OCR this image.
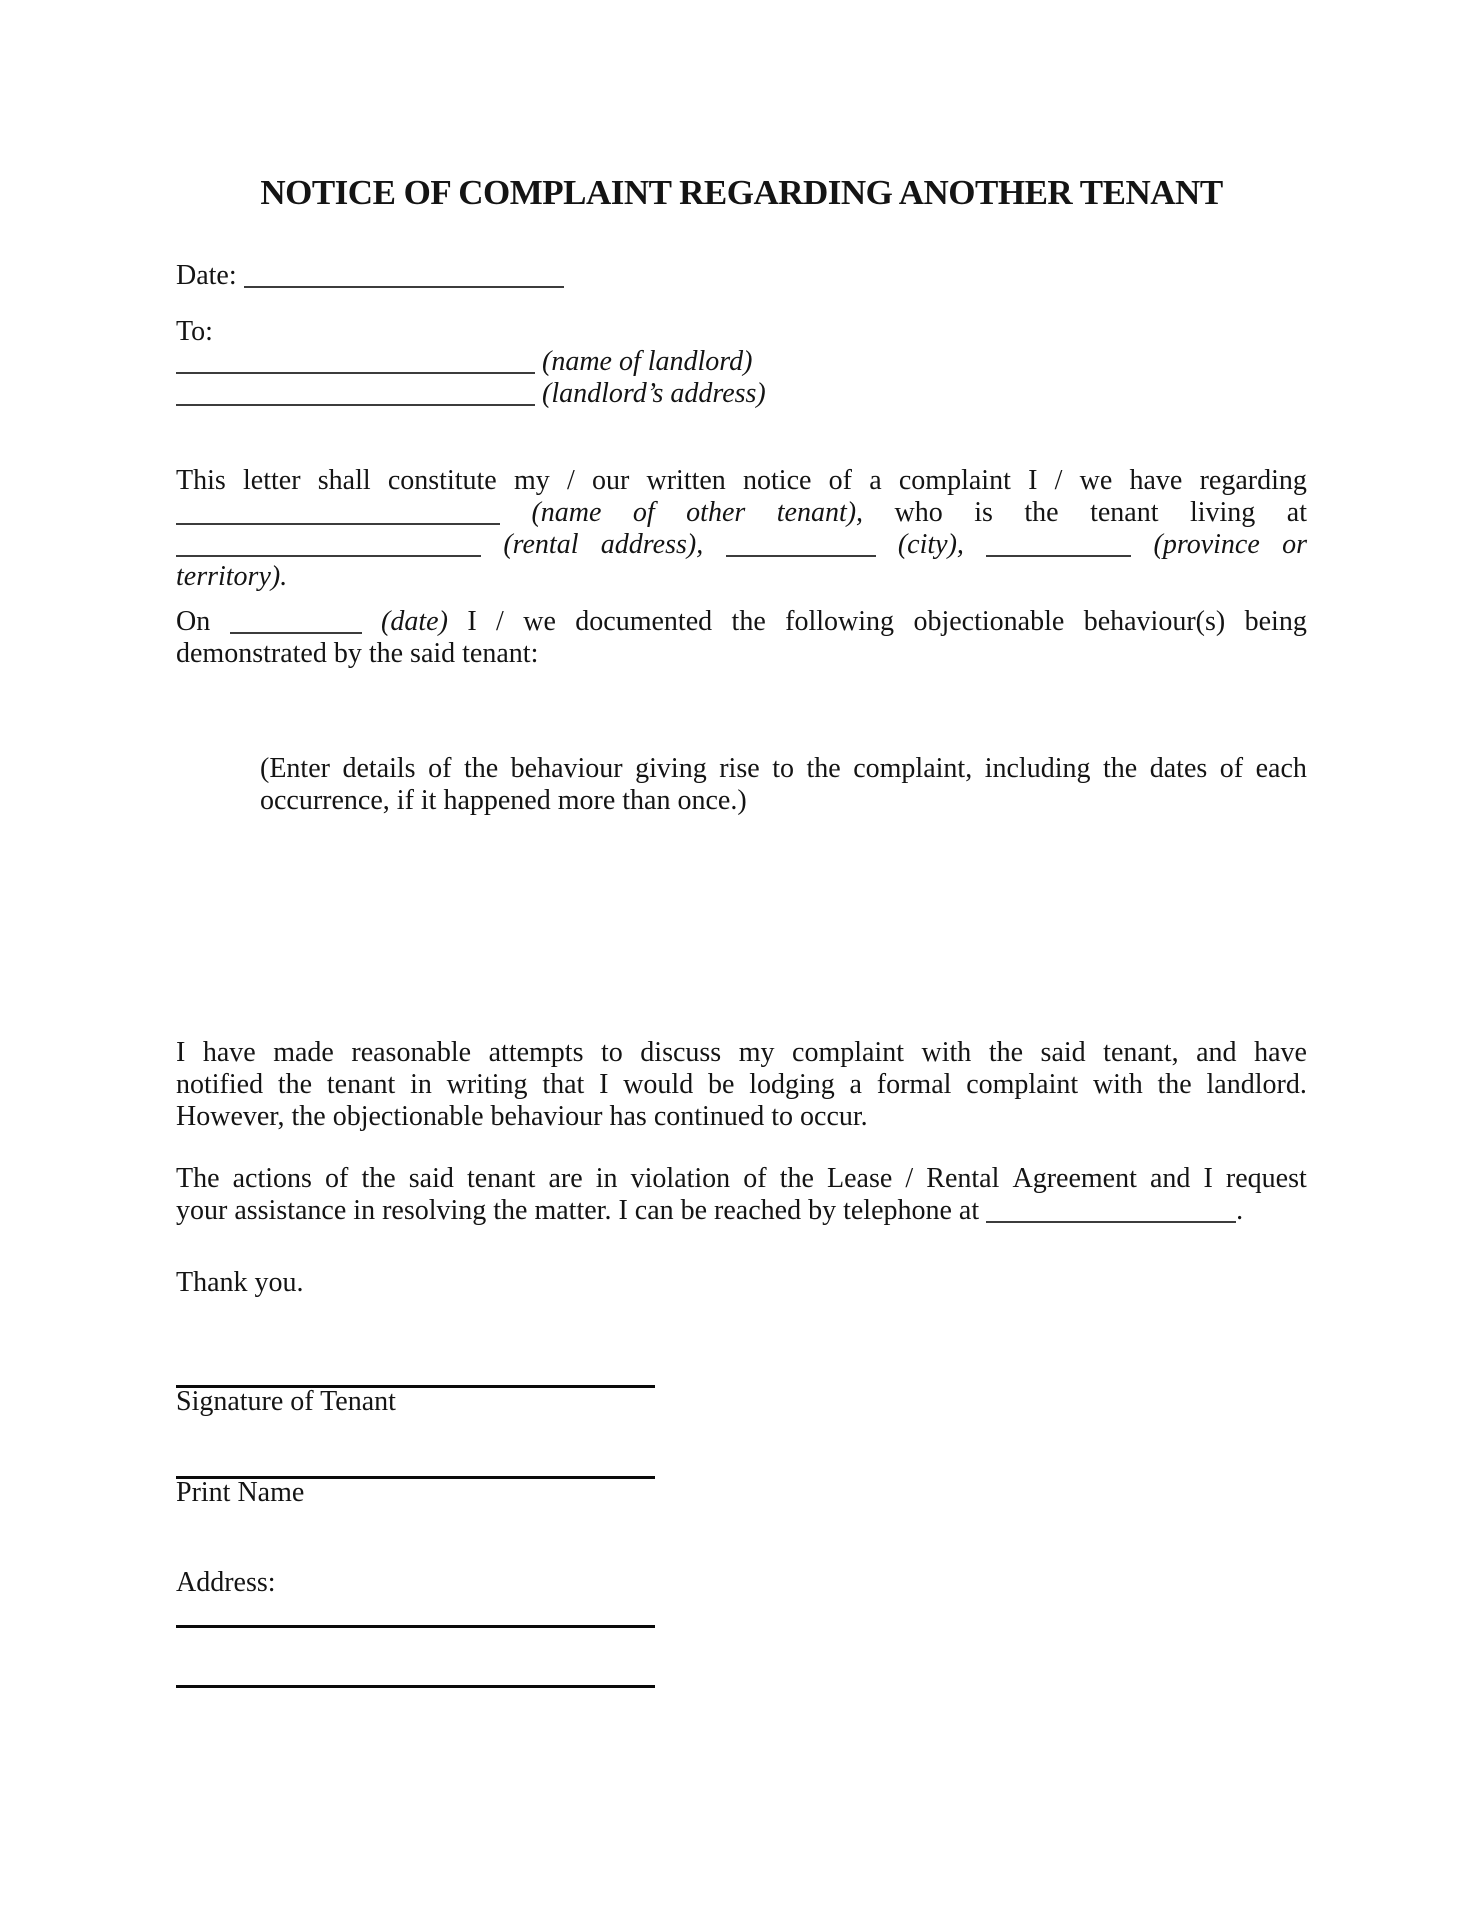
NOTICE OF COMPLAINT REGARDING ANOTHER TENANT
Date:
To:
(name of landlord)
(landlord’s address)
This letter shall constitute my / our written notice of a complaint I / we have regarding
(name of other tenant), who is the tenant living at
(rental address),	(city),	(province or
territory).
On	(date) I / we documented the following objectionable behaviour(s) being
demonstrated by the said tenant:
(Enter details of the behaviour giving rise to the complaint, including the dates of each
occurrence, if it happened more than once.)
I have made reasonable attempts to discuss my complaint with the said tenant, and have
notified the tenant in writing that I would be lodging a formal complaint with the landlord.
However, the objectionable behaviour has continued to occur.
The actions of the said tenant are in violation of the Lease / Rental Agreement and I request
your assistance in resolving the matter. I can be reached by telephone at	.
Thank you.
Signature of Tenant
Print Name
Address:
